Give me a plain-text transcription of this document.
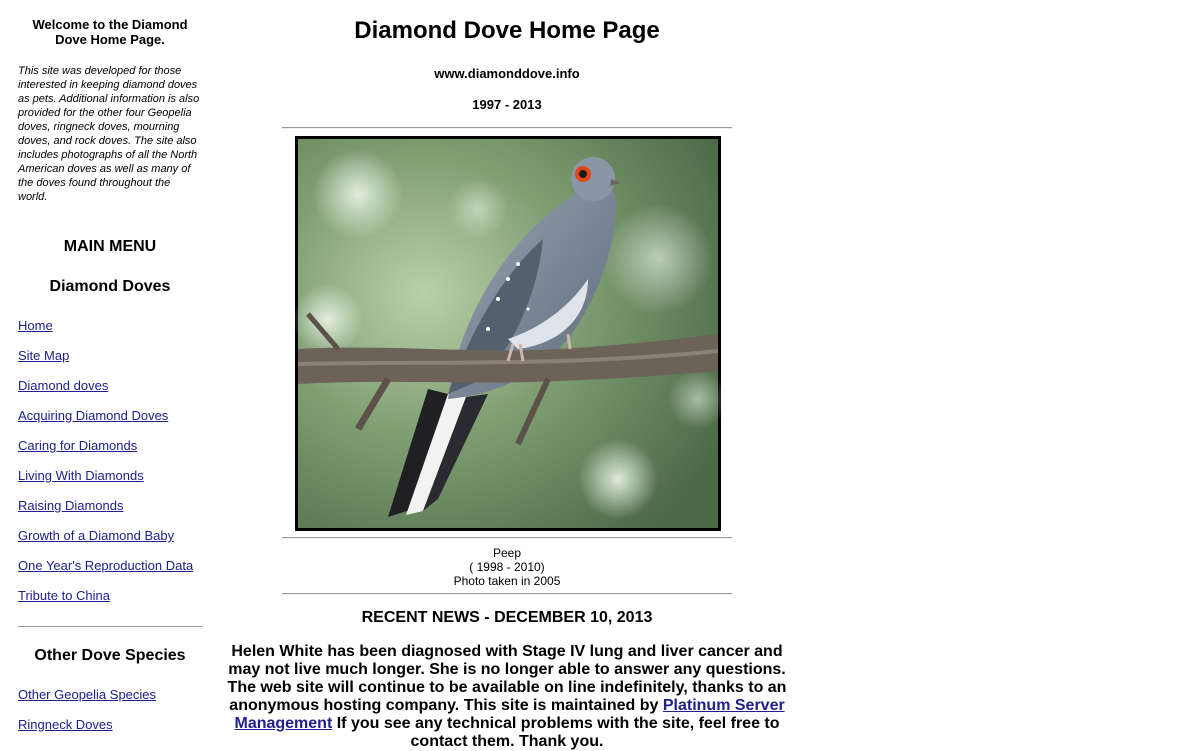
Welcome to the Diamond Dove Home Page.

This site was developed for those interested in keeping diamond doves as pets. Additional information is also provided for the other four Geopelia doves, ringneck doves, mourning doves, and rock doves. The site also includes photographs of all the North American doves as well as many of the doves found throughout the world.

MAIN MENU

Diamond Doves

Home
Site Map
Diamond doves
Acquiring Diamond Doves
Caring for Diamonds
Living With Diamonds
Raising Diamonds
Growth of a Diamond Baby
One Year's Reproduction Data
Tribute to China

Other Dove Species

Other Geopelia Species
Ringneck Doves
Diamond Dove Home Page
www.diamonddove.info
1997 - 2013
Peep
( 1998 - 2010)
Photo taken in 2005
RECENT NEWS - DECEMBER 10, 2013
Helen White has been diagnosed with Stage IV lung and liver cancer and may not live much longer. She is no longer able to answer any questions. The web site will continue to be available on line indefinitely, thanks to an anonymous hosting company. This site is maintained by Platinum Server Management If you see any technical problems with the site, feel free to contact them. Thank you.
